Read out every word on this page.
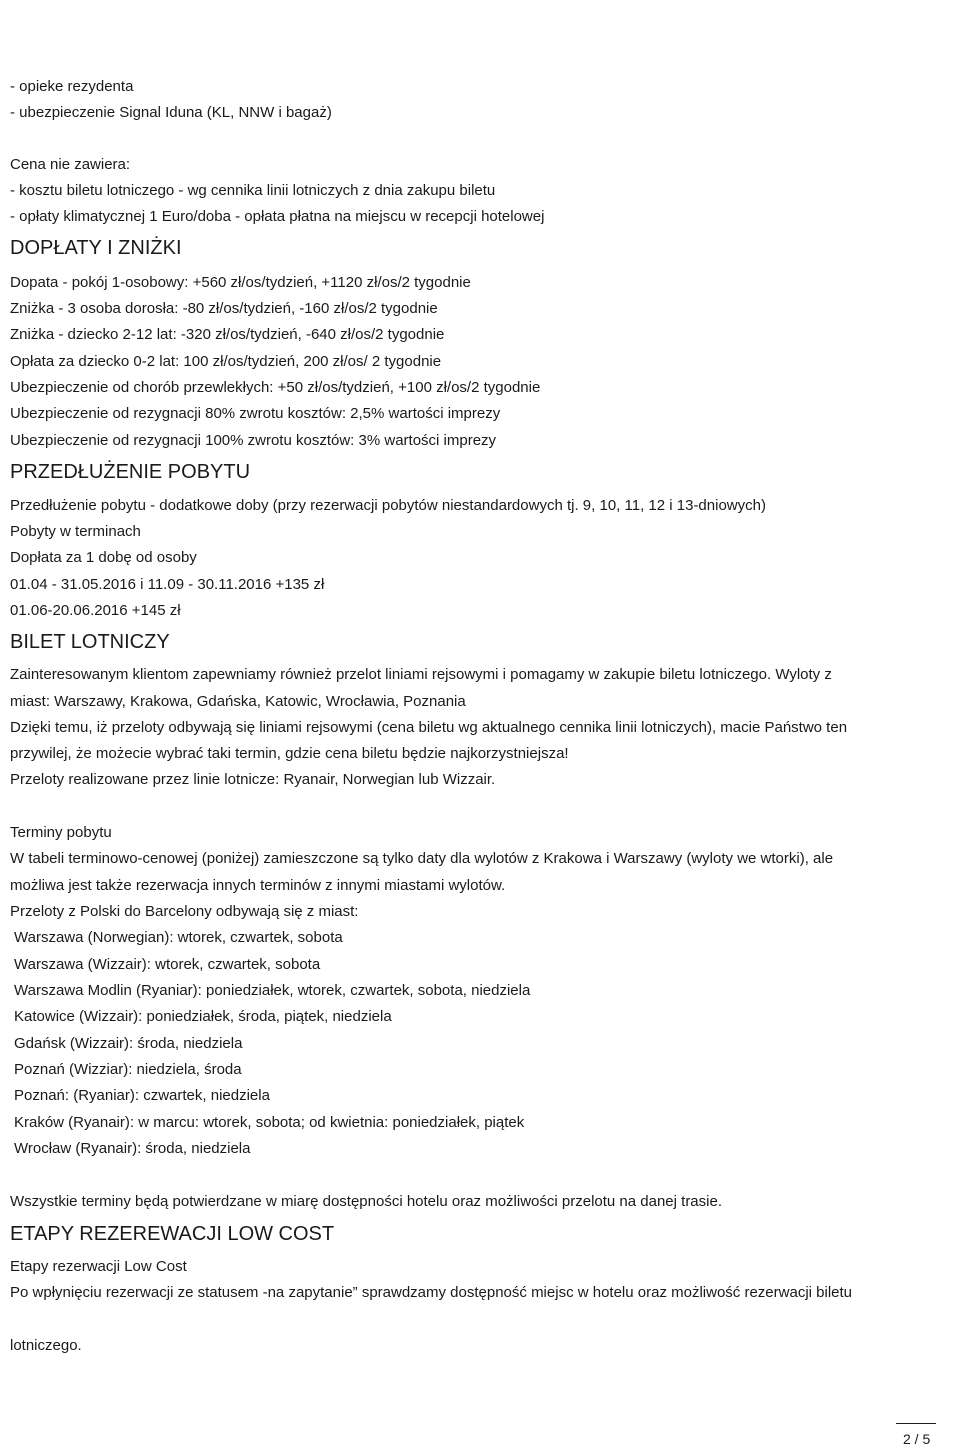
- opieke rezydenta
- ubezpieczenie Signal Iduna (KL, NNW i bagaż)
Cena nie zawiera:
- kosztu biletu lotniczego - wg cennika linii lotniczych z dnia zakupu biletu
- opłaty klimatycznej 1 Euro/doba - opłata płatna na miejscu w recepcji hotelowej
DOPŁATY I ZNIŻKI
Dopata - pokój 1-osobowy: +560 zł/os/tydzień, +1120 zł/os/2 tygodnie
Zniżka - 3 osoba dorosła: -80 zł/os/tydzień, -160 zł/os/2 tygodnie
Zniżka - dziecko 2-12 lat: -320 zł/os/tydzień, -640 zł/os/2 tygodnie
Opłata za dziecko 0-2 lat: 100 zł/os/tydzień, 200 zł/os/ 2 tygodnie
Ubezpieczenie od chorób przewlekłych: +50 zł/os/tydzień, +100 zł/os/2 tygodnie
Ubezpieczenie od rezygnacji 80% zwrotu kosztów: 2,5% wartości imprezy
Ubezpieczenie od rezygnacji 100% zwrotu kosztów: 3% wartości imprezy
PRZEDŁUŻENIE POBYTU
Przedłużenie pobytu - dodatkowe doby (przy rezerwacji pobytów niestandardowych tj. 9, 10, 11, 12 i 13-dniowych)
Pobyty w terminach
Dopłata za 1 dobę od osoby
01.04 - 31.05.2016 i 11.09 - 30.11.2016 +135 zł
01.06-20.06.2016 +145 zł
BILET LOTNICZY
Zainteresowanym klientom zapewniamy również przelot liniami rejsowymi i pomagamy w zakupie biletu lotniczego. Wyloty z
miast: Warszawy, Krakowa, Gdańska, Katowic, Wrocławia, Poznania
Dzięki temu, iż przeloty odbywają się liniami rejsowymi (cena biletu wg aktualnego cennika linii lotniczych), macie Państwo ten
przywilej, że możecie wybrać taki termin, gdzie cena biletu będzie najkorzystniejsza!
Przeloty realizowane przez linie lotnicze: Ryanair, Norwegian lub Wizzair.
Terminy pobytu
W tabeli terminowo-cenowej (poniżej) zamieszczone są tylko daty dla wylotów z Krakowa i Warszawy (wyloty we wtorki), ale
możliwa jest także rezerwacja innych terminów z innymi miastami wylotów.
Przeloty z Polski do Barcelony odbywają się z miast:
Warszawa (Norwegian): wtorek, czwartek, sobota
Warszawa (Wizzair): wtorek, czwartek, sobota
Warszawa Modlin (Ryaniar): poniedziałek, wtorek, czwartek, sobota, niedziela
Katowice (Wizzair): poniedziałek, środa, piątek, niedziela
Gdańsk (Wizzair): środa, niedziela
Poznań (Wizziar): niedziela, środa
Poznań: (Ryaniar): czwartek, niedziela
Kraków (Ryanair): w marcu: wtorek, sobota; od kwietnia: poniedziałek, piątek
Wrocław (Ryanair): środa, niedziela
Wszystkie terminy będą potwierdzane w miarę dostępności hotelu oraz możliwości przelotu na danej trasie.
ETAPY REZEREWACJI LOW COST
Etapy rezerwacji Low Cost
Po wpłynięciu rezerwacji ze statusem -na zapytanie” sprawdzamy dostępność miejsc w hotelu oraz możliwość rezerwacji biletu
lotniczego.
2 / 5
